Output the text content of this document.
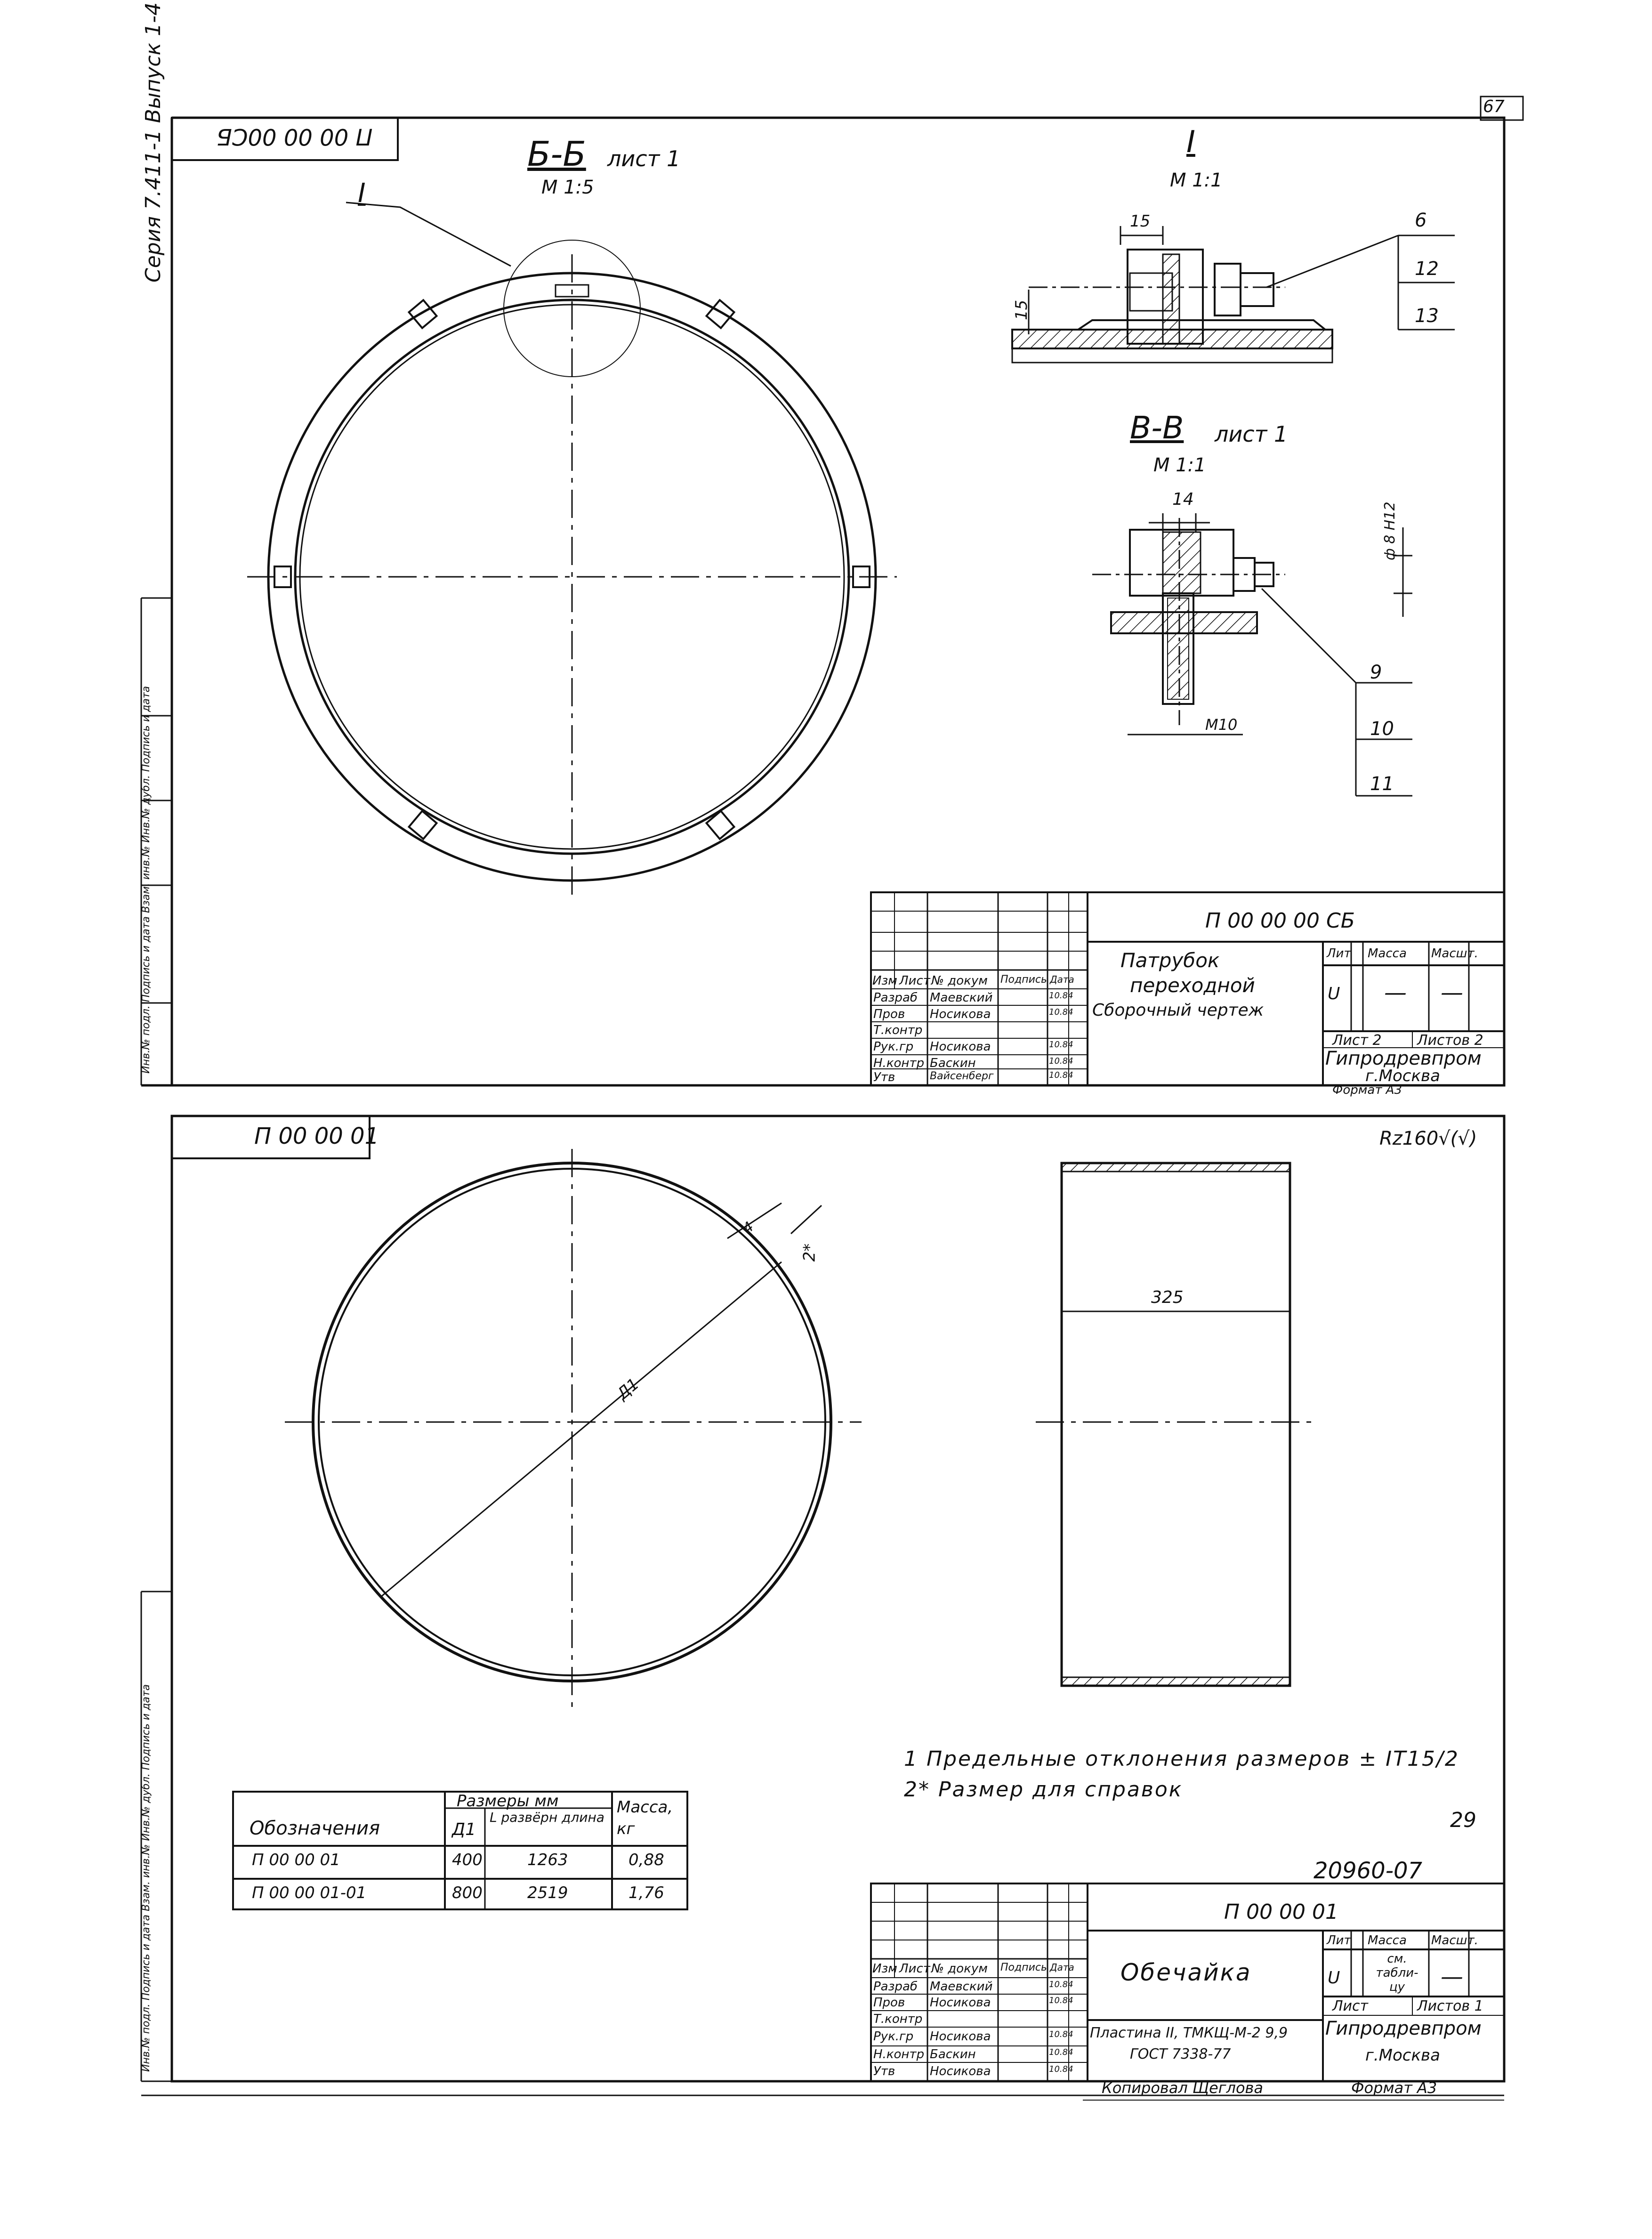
67
П 00 00 00СБ
Серия 7.411-1 Выпуск 1-4
Инв.№ подл. Подпись и дата Взам. инв.№ Инв.№ дубл. Подпись и дата
Б-Б лист 1
М 1:5
I
I
М 1:1
15
15
6
12
13
В-В лист 1
М 1:1
14
ф 8 Н12
М10
9
10
11
П 00 00 00 СБ
Патрубок
переходной
Сборочный чертеж
Лит Масса Масшт.
U — —
Лист 2	Листов 2
Гипродревпром
г.Москва
Формат А3
Изм Лист № докум Подпись Дата
Разраб Маевский	10.84
Пров Носикова	10.84
Т.контр
Рук.гр Носикова	10.84
Н.контр Баскин	10.84
Утв	Вайсенберг	10.84
П 00 00 01
Инв.№ подл. Подпись и дата Взам. инв.№ Инв.№ дубл. Подпись и дата
Rz160√(√)
325
Д1
2*
4
1 Предельные отклонения размеров ± IT15/2
2* Размер для справок
29
20960-07
Обозначения
Размеры мм
Д1
L развёрн длина
Масса, кг
П 00 00 01	400	1263	0,88
П 00 00 01-01	800	2519	1,76
П 00 00 01
Обечайка
Пластина II, ТМКЩ-М-2 9,9
ГОСТ 7338-77
Лит Масса Масшт.
U
см. табли- цу	—
Лист	Листов 1
Гипродревпром
г.Москва
Копировал Щеглова	Формат А3
Изм Лист № докум Подпись Дата
Разраб Маевский	10.84
Пров Носикова	10.84
Т.контр
Рук.гр Носикова	10.84
Н.контр Баскин	10.84
Утв	Носикова	10.84
